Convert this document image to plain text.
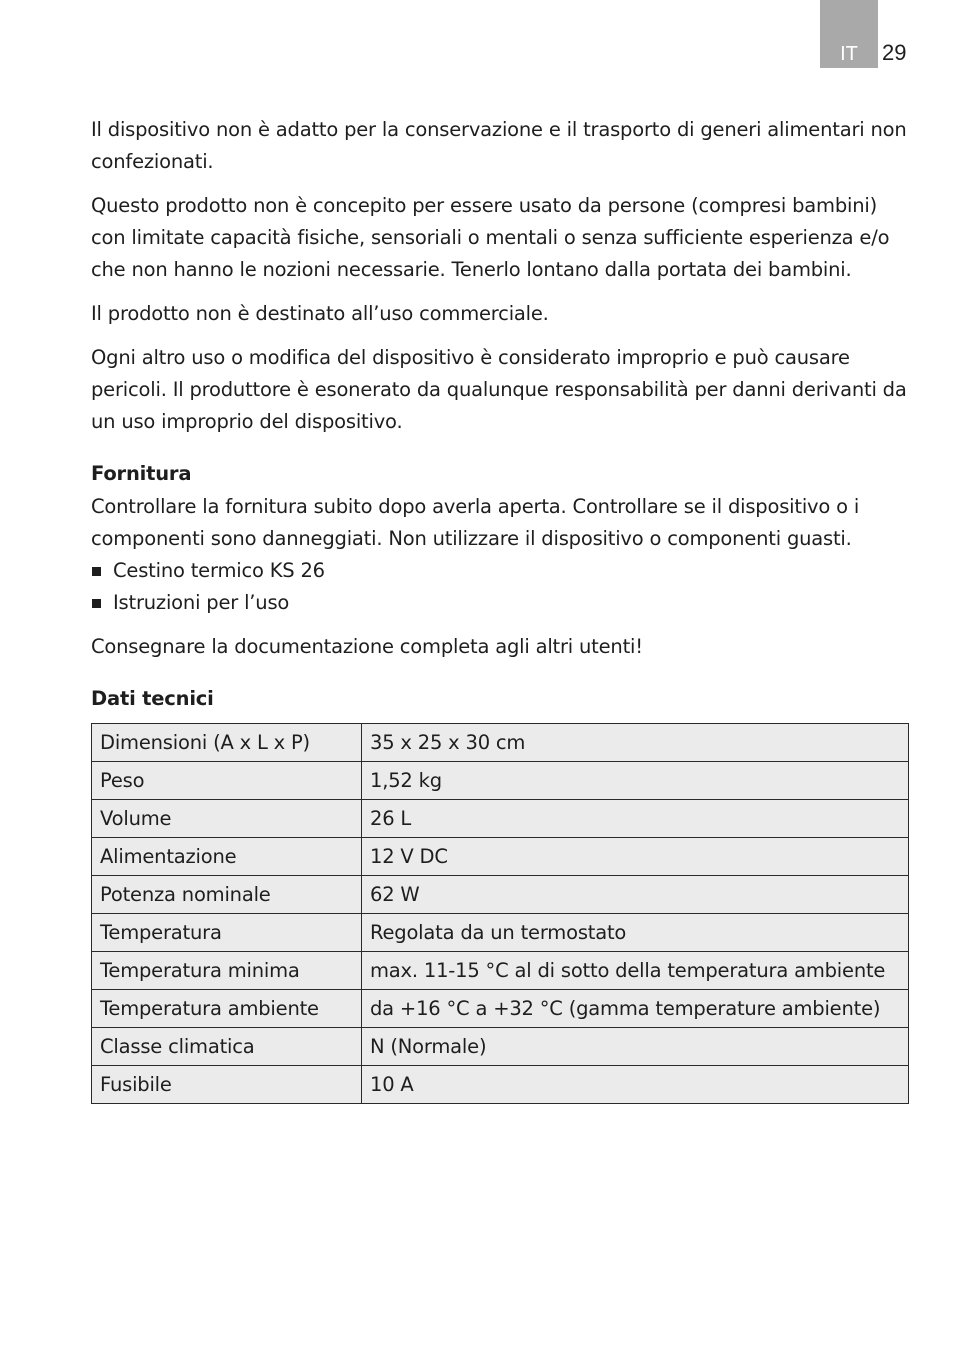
IT 29

Il dispositivo non è adatto per la conservazione e il trasporto di generi alimentari non confezionati.

Questo prodotto non è concepito per essere usato da persone (compresi bambini) con limitate capacità fisiche, sensoriali o mentali o senza sufficiente esperienza e/o che non hanno le nozioni necessarie. Tenerlo lontano dalla portata dei bambini.

Il prodotto non è destinato all’uso commerciale.

Ogni altro uso o modifica del dispositivo è considerato improprio e può causare pericoli. Il produttore è esonerato da qualunque responsabilità per danni derivanti da un uso improprio del dispositivo.

Fornitura

Controllare la fornitura subito dopo averla aperta. Controllare se il dispositivo o i componenti sono danneggiati. Non utilizzare il dispositivo o componenti guasti.

Cestino termico KS 26
Istruzioni per l’uso

Consegnare la documentazione completa agli altri utenti!

Dati tecnici
Dimensioni (A x L x P)	35 x 25 x 30 cm
Peso	1,52 kg
Volume	26 L
Alimentazione	12 V DC
Potenza nominale	62 W
Temperatura	Regolata da un termostato
Temperatura minima	max. 11-15 °C al di sotto della temperatura ambiente
Temperatura ambiente	da +16 °C a +32 °C (gamma temperature ambiente)
Classe climatica	N (Normale)
Fusibile	10 A
